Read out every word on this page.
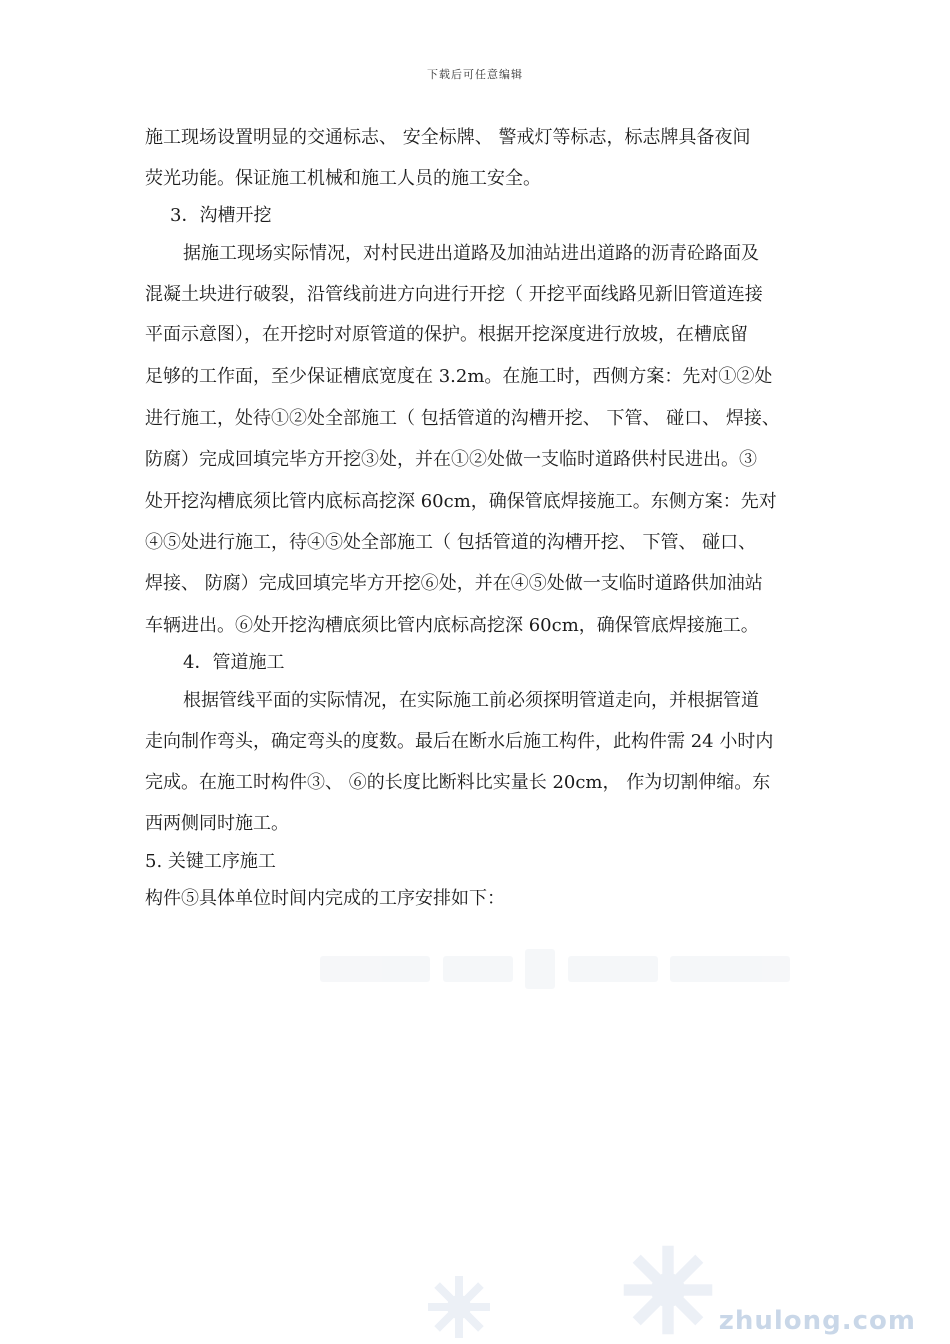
下载后可任意编辑
施工现场设置明显的交通标志、 安全标牌、 警戒灯等标志，标志牌具备夜间
荧光功能。保证施工机械和施工人员的施工安全。
3．沟槽开挖
据施工现场实际情况，对村民进出道路及加油站进出道路的沥青砼路面及
混凝土块进行破裂，沿管线前进方向进行开挖（ 开挖平面线路见新旧管道连接
平面示意图），在开挖时对原管道的保护。根据开挖深度进行放坡，在槽底留
足够的工作面，至少保证槽底宽度在 3.2m。在施工时，西侧方案：先对①②处
进行施工，处待①②处全部施工（ 包括管道的沟槽开挖、 下管、 碰口、 焊接、
防腐）完成回填完毕方开挖③处，并在①②处做一支临时道路供村民进出。③
处开挖沟槽底须比管内底标高挖深 60cm，确保管底焊接施工。东侧方案：先对
④⑤处进行施工，待④⑤处全部施工（ 包括管道的沟槽开挖、 下管、 碰口、
焊接、 防腐）完成回填完毕方开挖⑥处，并在④⑤处做一支临时道路供加油站
车辆进出。⑥处开挖沟槽底须比管内底标高挖深 60cm，确保管底焊接施工。
4．管道施工
根据管线平面的实际情况，在实际施工前必须探明管道走向，并根据管道
走向制作弯头，确定弯头的度数。最后在断水后施工构件，此构件需 24 小时内
完成。在施工时构件③、 ⑥的长度比断料比实量长 20cm， 作为切割伸缩。东
西两侧同时施工。
5. 关键工序施工
构件⑤具体单位时间内完成的工序安排如下：
zhulong.com
